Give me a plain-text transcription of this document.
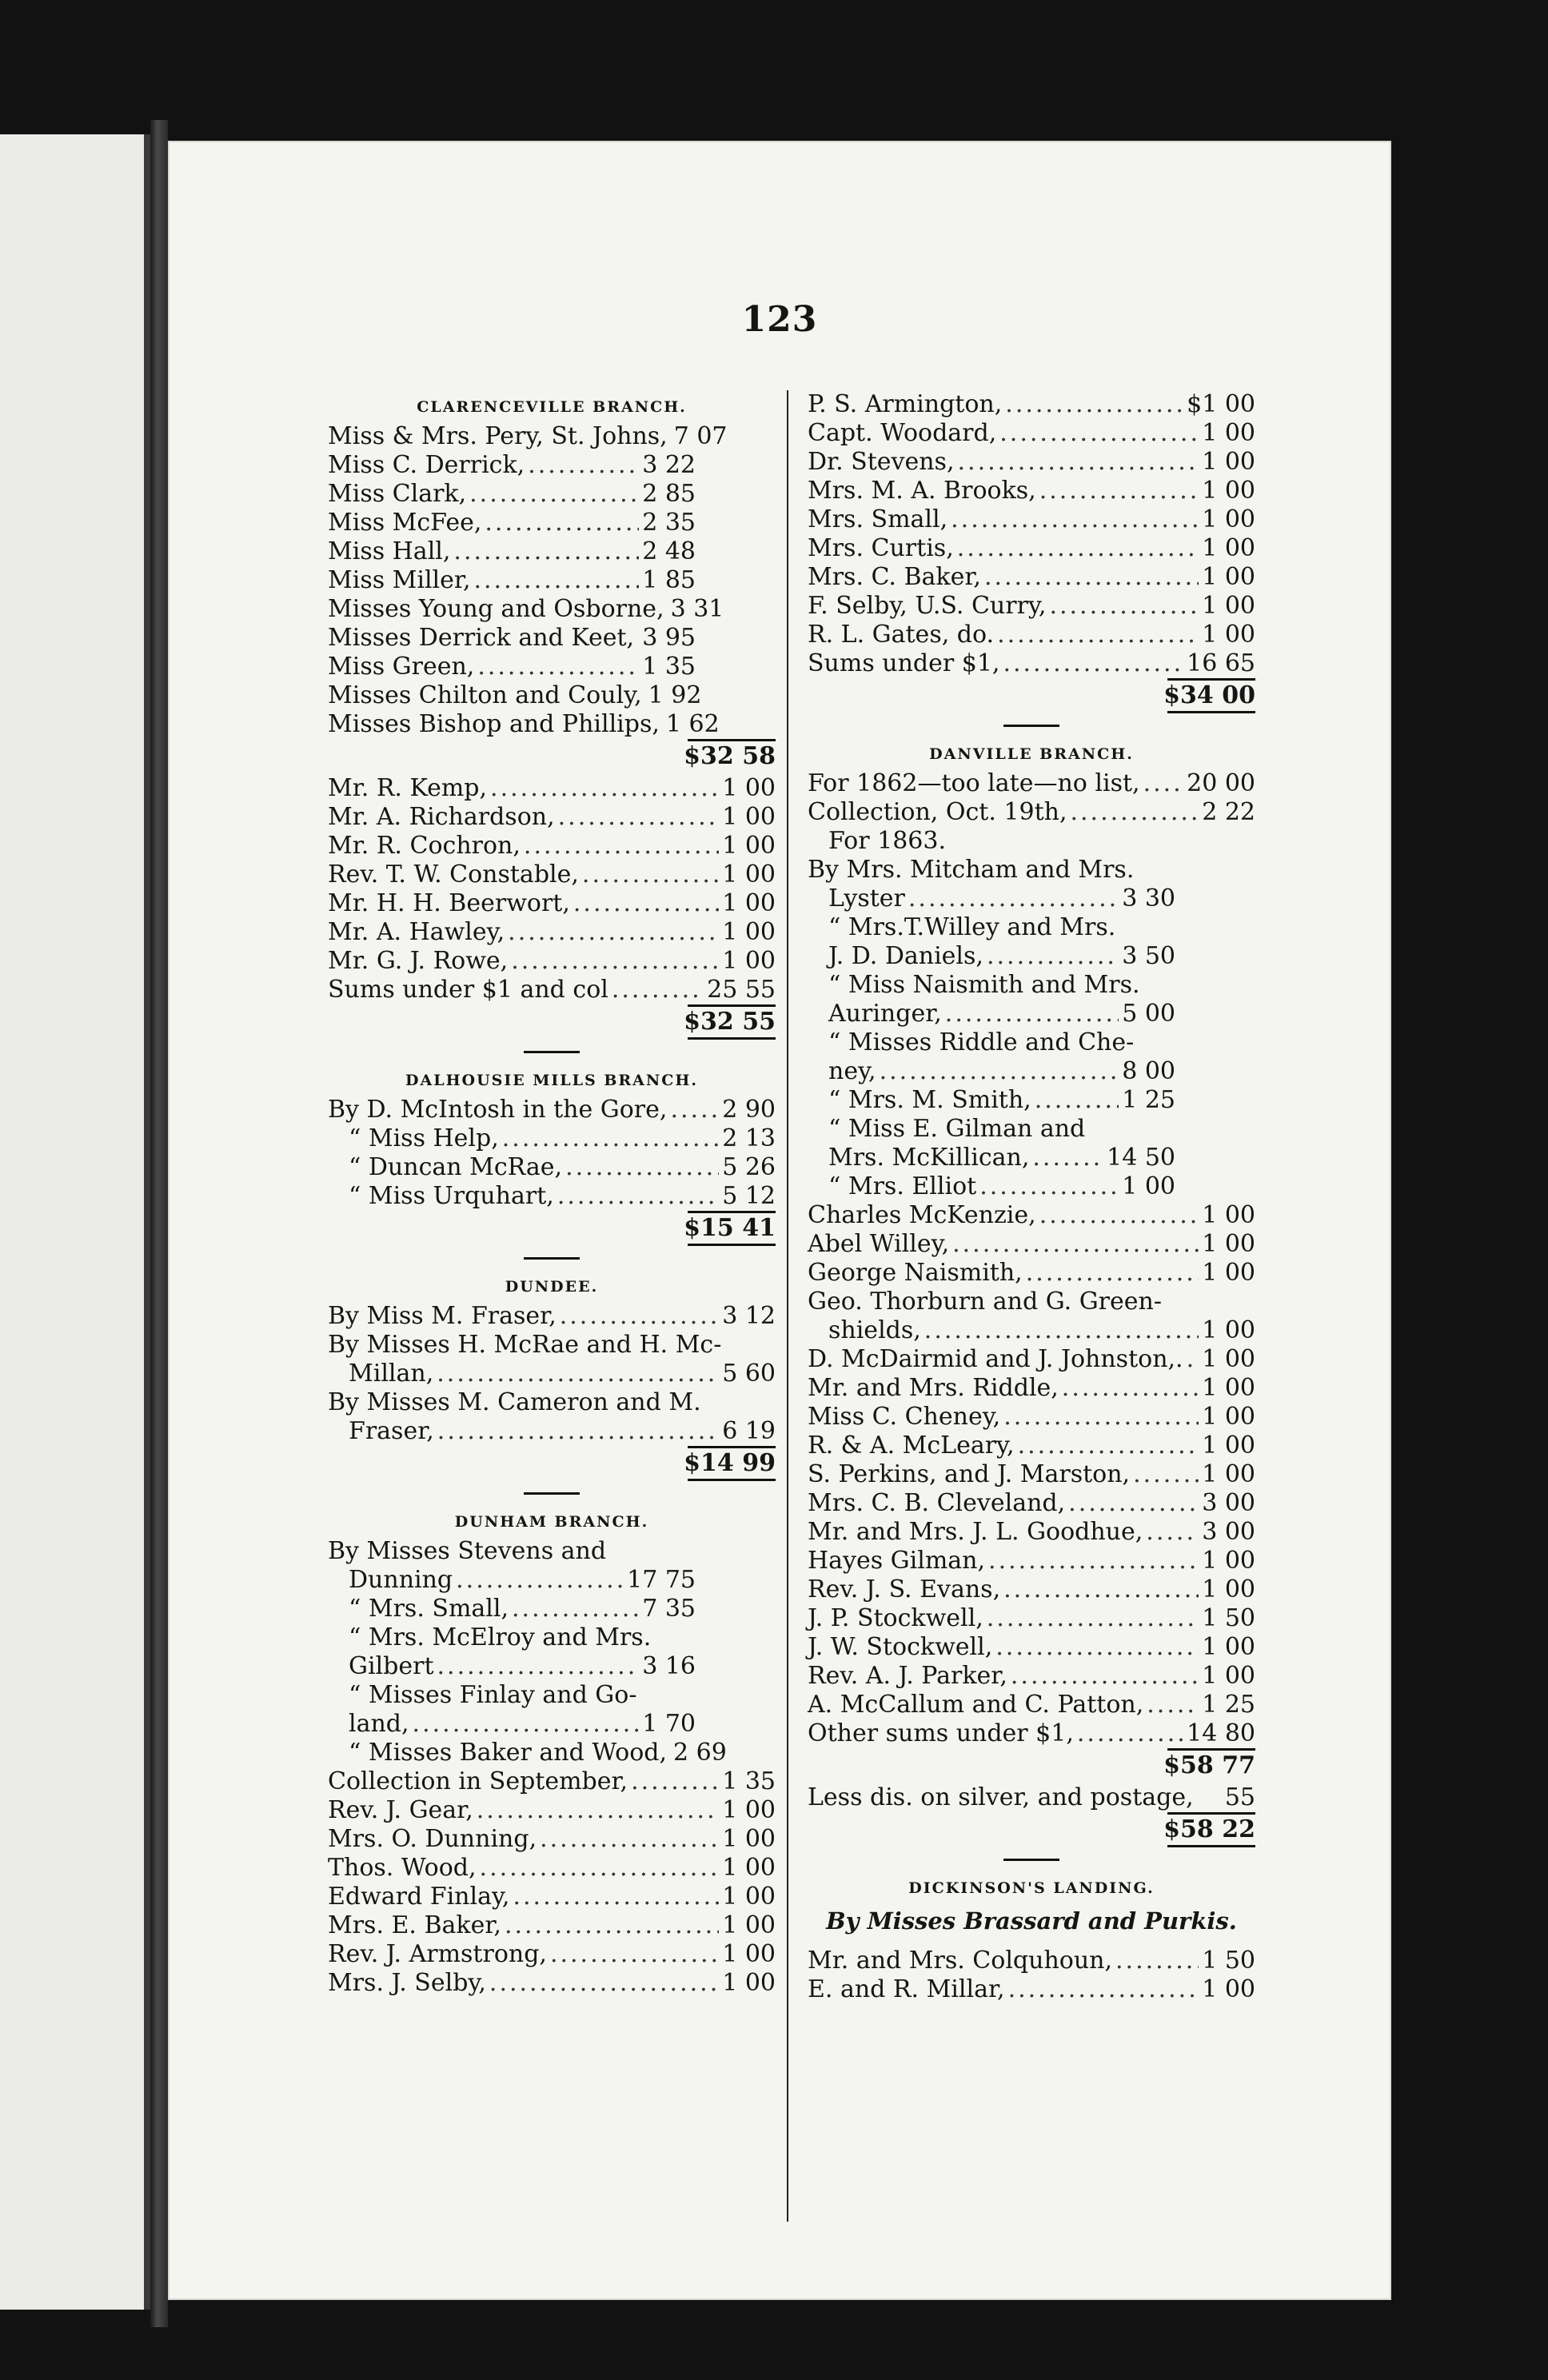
123
CLARENCEVILLE BRANCH.
Miss & Mrs. Pery, St. Johns, 7 07
Miss C. Derrick, .....	3 22
Miss Clark, .....	2 85
Miss McFee, .....	2 35
Miss Hall, .....	2 48
Miss Miller, .....	1 85
Misses Young and Osborne, 3 31
Misses Derrick and Keet, ..... 3 95
Miss Green, .....	1 35
Misses Chilton and Couly, 1 92
Misses Bishop and Phillips, 1 62
$32 58
Mr. R. Kemp, .....	1 00
Mr. A. Richardson, .....	1 00
Mr. R. Cochron, .....	1 00
Rev. T. W. Constable, .....	1 00
Mr. H. H. Beerwort, .....	1 00
Mr. A. Hawley, .....	1 00
Mr. G. J. Rowe, .....	1 00
Sums under $1 and col .....	25 55
$32 55
DALHOUSIE MILLS BRANCH.
By D. McIntosh in the Gore, ..... 2 90
“ Miss Help, .....	2 13
“ Duncan McRae, .....	5 26
“ Miss Urquhart, .....	5 12
$15 41
DUNDEE.
By Miss M. Fraser, .....	3 12
By Misses H. McRae and H. Mc-
Millan, .....	5 60
By Misses M. Cameron and M.
Fraser, .....	6 19
$14 99
DUNHAM BRANCH.
By Misses Stevens and
Dunning .....	17 75
“ Mrs. Small, .....	7 35
“ Mrs. McElroy and Mrs.
Gilbert .....	3 16
“ Misses Finlay and Go-
land, .....	1 70
“ Misses Baker and Wood, 2 69
Collection in September, .....	1 35
Rev. J. Gear, .....	1 00
Mrs. O. Dunning, .....	1 00
Thos. Wood, .....	1 00
Edward Finlay, .....	1 00
Mrs. E. Baker, .....	1 00
Rev. J. Armstrong, .....	1 00
Mrs. J. Selby, .....	1 00
P. S. Armington, .....	$1 00
Capt. Woodard, .....	1 00
Dr. Stevens, .....	1 00
Mrs. M. A. Brooks, .....	1 00
Mrs. Small, .....	1 00
Mrs. Curtis, .....	1 00
Mrs. C. Baker, .....	1 00
F. Selby, U.S. Curry, .....	1 00
R. L. Gates, do. .....	1 00
Sums under $1, .....	16 65
$34 00
DANVILLE BRANCH.
For 1862—too late—no list, ..... 20 00
Collection, Oct. 19th, .....	2 22
For 1863.
By Mrs. Mitcham and Mrs.
Lyster .....	3 30
“ Mrs.T.Willey and Mrs.
J. D. Daniels, .....	3 50
“ Miss Naismith and Mrs.
Auringer, .....	5 00
“ Misses Riddle and Che-
ney, .....	8 00
“ Mrs. M. Smith, .....	1 25
“ Miss E. Gilman and
Mrs. McKillican, .....	14 50
“ Mrs. Elliot .....	1 00
Charles McKenzie, .....	1 00
Abel Willey, .....	1 00
George Naismith, .....	1 00
Geo. Thorburn and G. Green-
shields, .....	1 00
D. McDairmid and J. Johnston,. ..... 1 00
Mr. and Mrs. Riddle, .....	1 00
Miss C. Cheney, .....	1 00
R. & A. McLeary, .....	1 00
S. Perkins, and J. Marston, .....	1 00
Mrs. C. B. Cleveland, .....	3 00
Mr. and Mrs. J. L. Goodhue, ..... 3 00
Hayes Gilman, .....	1 00
Rev. J. S. Evans, .....	1 00
J. P. Stockwell, .....	1 50
J. W. Stockwell, .....	1 00
Rev. A. J. Parker, .....	1 00
A. McCallum and C. Patton, ..... 1 25
Other sums under $1, .....	14 80
$58 77
Less dis. on silver, and postage, 55
$58 22
DICKINSON'S LANDING.
By Misses Brassard and Purkis.
Mr. and Mrs. Colquhoun, .....	1 50
E. and R. Millar, .....	1 00
